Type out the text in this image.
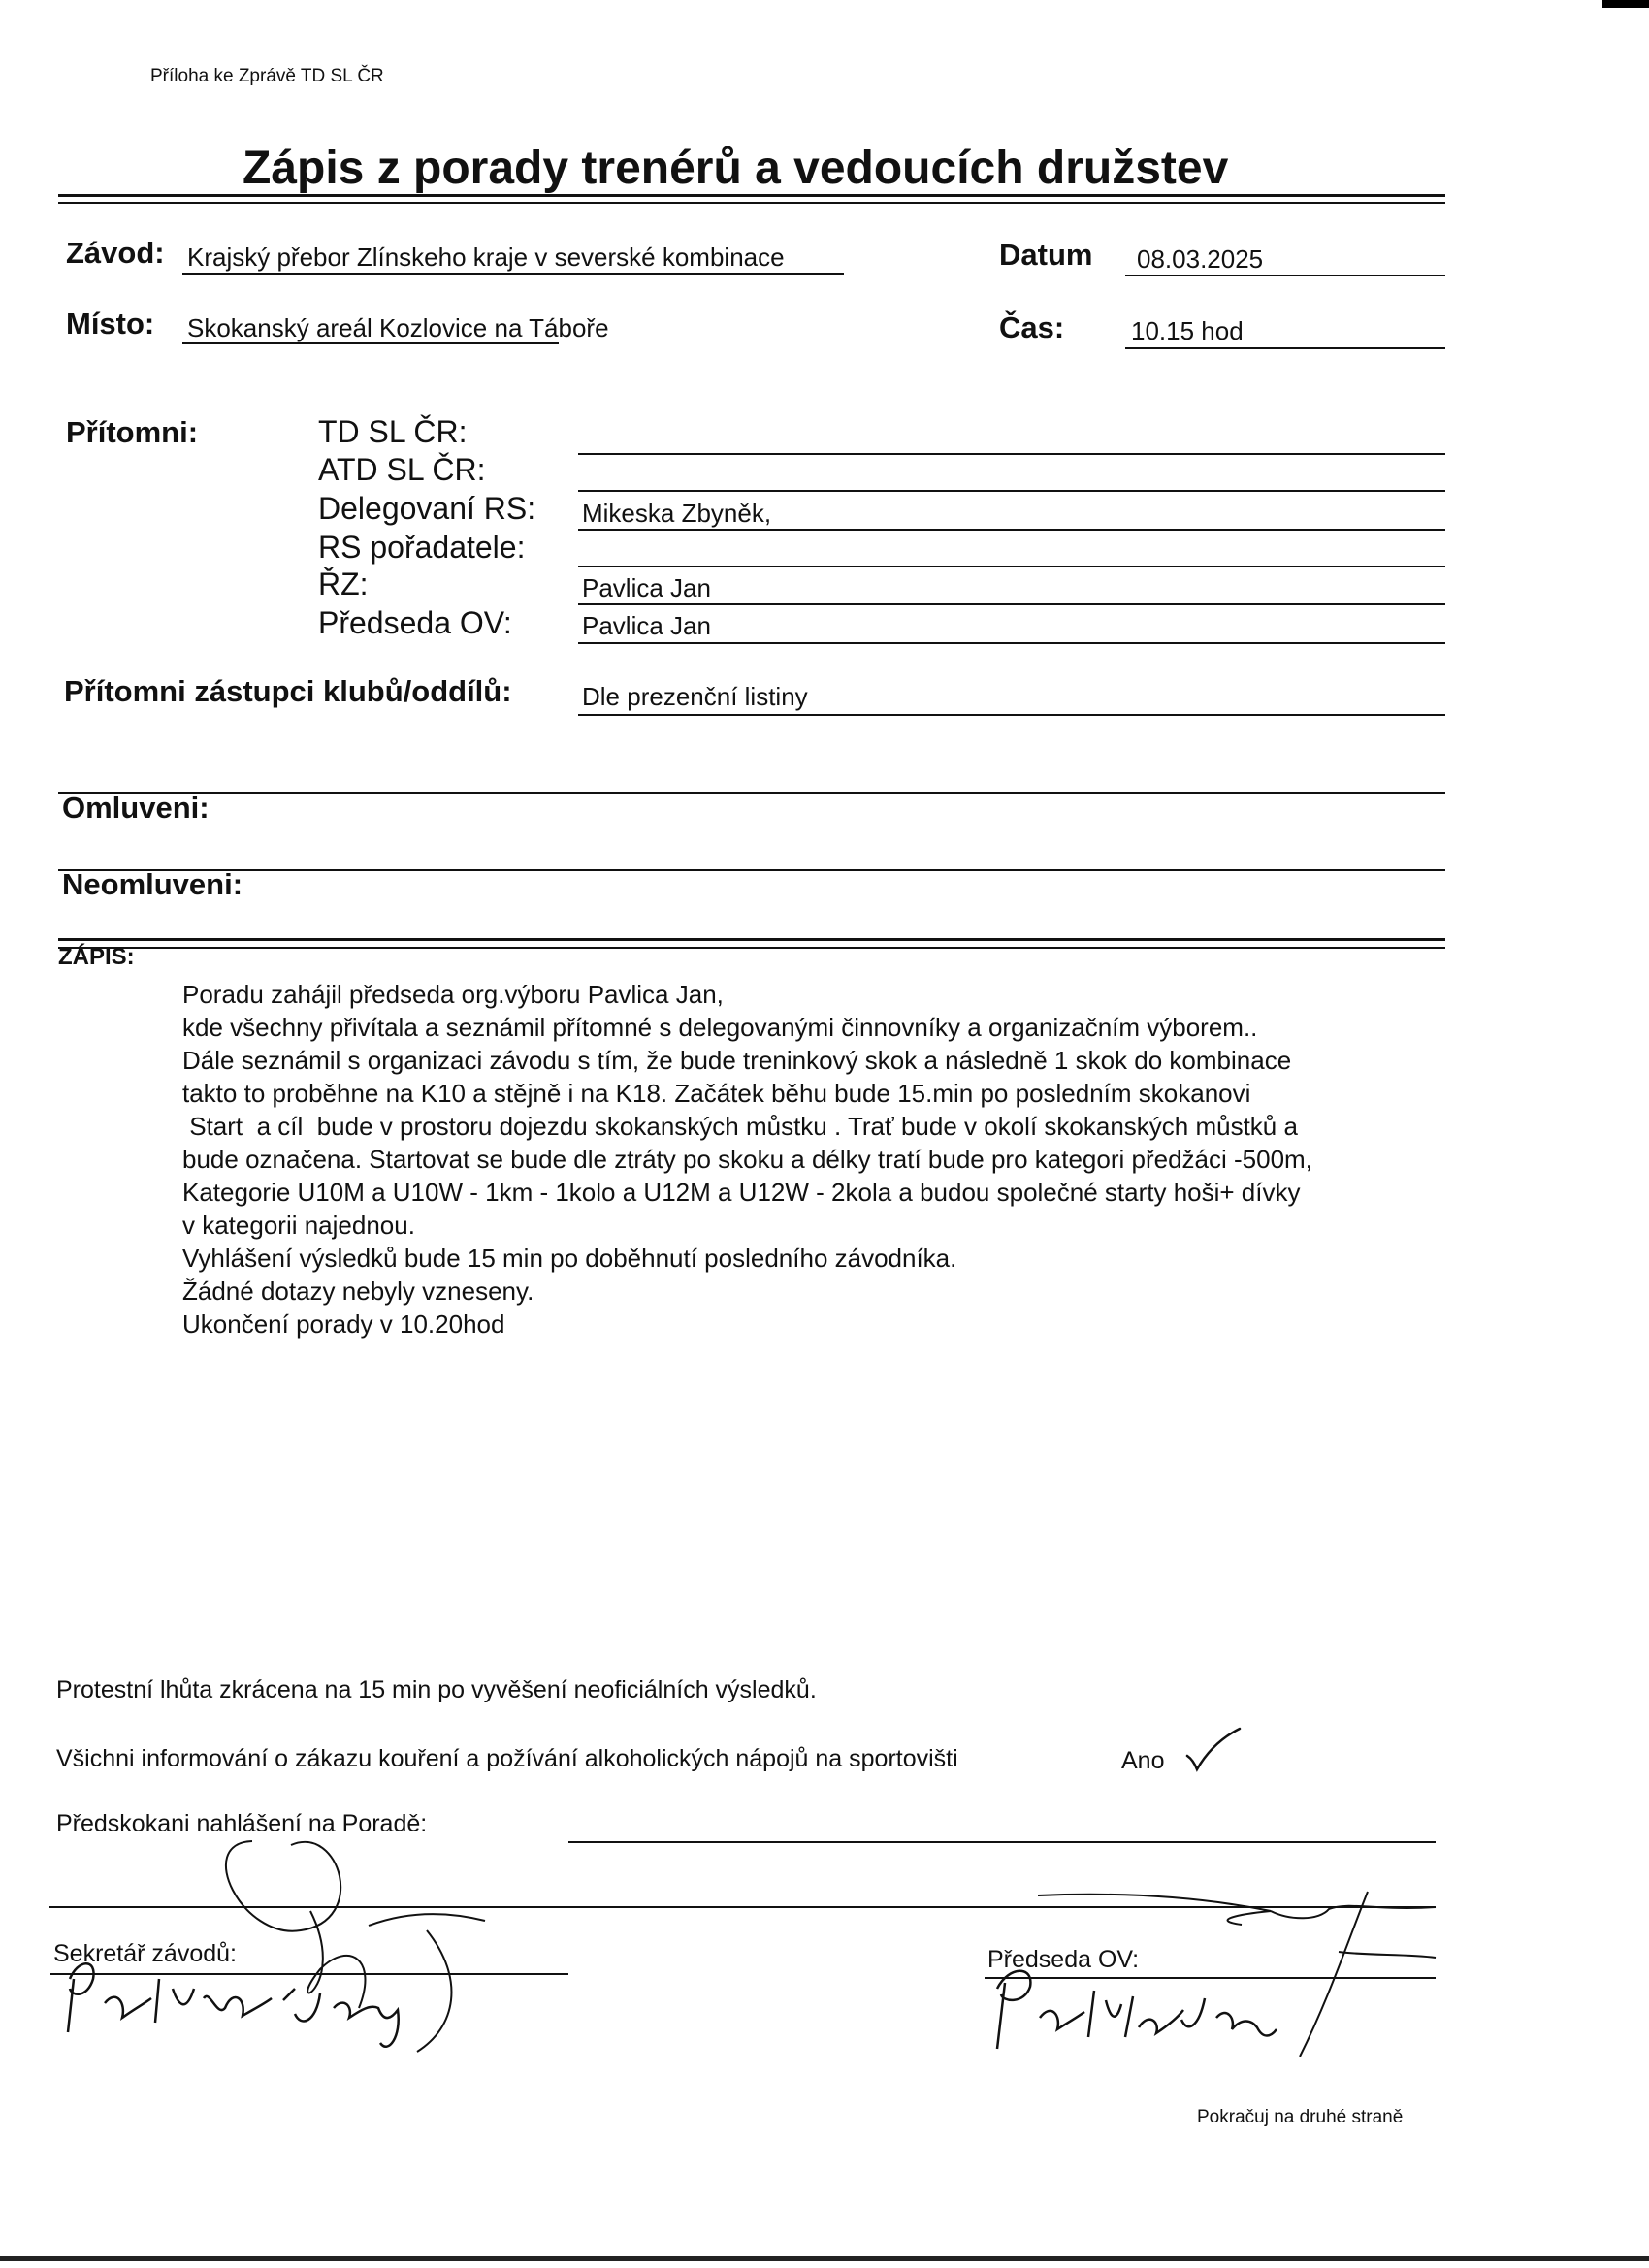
Příloha ke Zprávě TD SL ČR
Zápis z porady trenérů a vedoucích družstev
Závod: Krajský přebor Zlínskeho kraje v severské kombinace	Datum 08.03.2025
Místo: Skokanský areál Kozlovice na Táboře	Čas:	10.15 hod
Přítomni:	TD SL ČR:
ATD SL ČR:
Delegovaní RS: Mikeska Zbyněk,
RS pořadatele:
ŘZ:	Pavlica Jan
Předseda OV:	Pavlica Jan
Přítomni zástupci klubů/oddílů:	Dle prezenční listiny
Omluveni:
Neomluveni:
ZÁPIS:
Poradu zahájil předseda org.výboru Pavlica Jan,
kde všechny přivítala a seznámil přítomné s delegovanými činnovníky a organizačním výborem..
Dále seznámil s organizaci závodu s tím, že bude treninkový skok a následně 1 skok do kombinace
takto to proběhne na K10 a stějně i na K18. Začátek běhu bude 15.min po posledním skokanovi
Start  a cíl  bude v prostoru dojezdu skokanských můstku . Trať bude v okolí skokanských můstků a
bude označena. Startovat se bude dle ztráty po skoku a délky tratí bude pro kategori předžáci -500m,
Kategorie U10M a U10W - 1km - 1kolo a U12M a U12W - 2kola a budou společné starty hoši+ dívky
v kategorii najednou.
Vyhlášení výsledků bude 15 min po doběhnutí posledního závodníka.
Žádné dotazy nebyly vzneseny.
Ukončení porady v 10.20hod
Protestní lhůta zkrácena na 15 min po vyvěšení neoficiálních výsledků.
Všichni informování o zákazu kouření a požívání alkoholických nápojů na sportovišti	Ano
Předskokani nahlášení na Poradě:
Sekretář závodů:	Předseda OV:
Pokračuj na druhé straně
